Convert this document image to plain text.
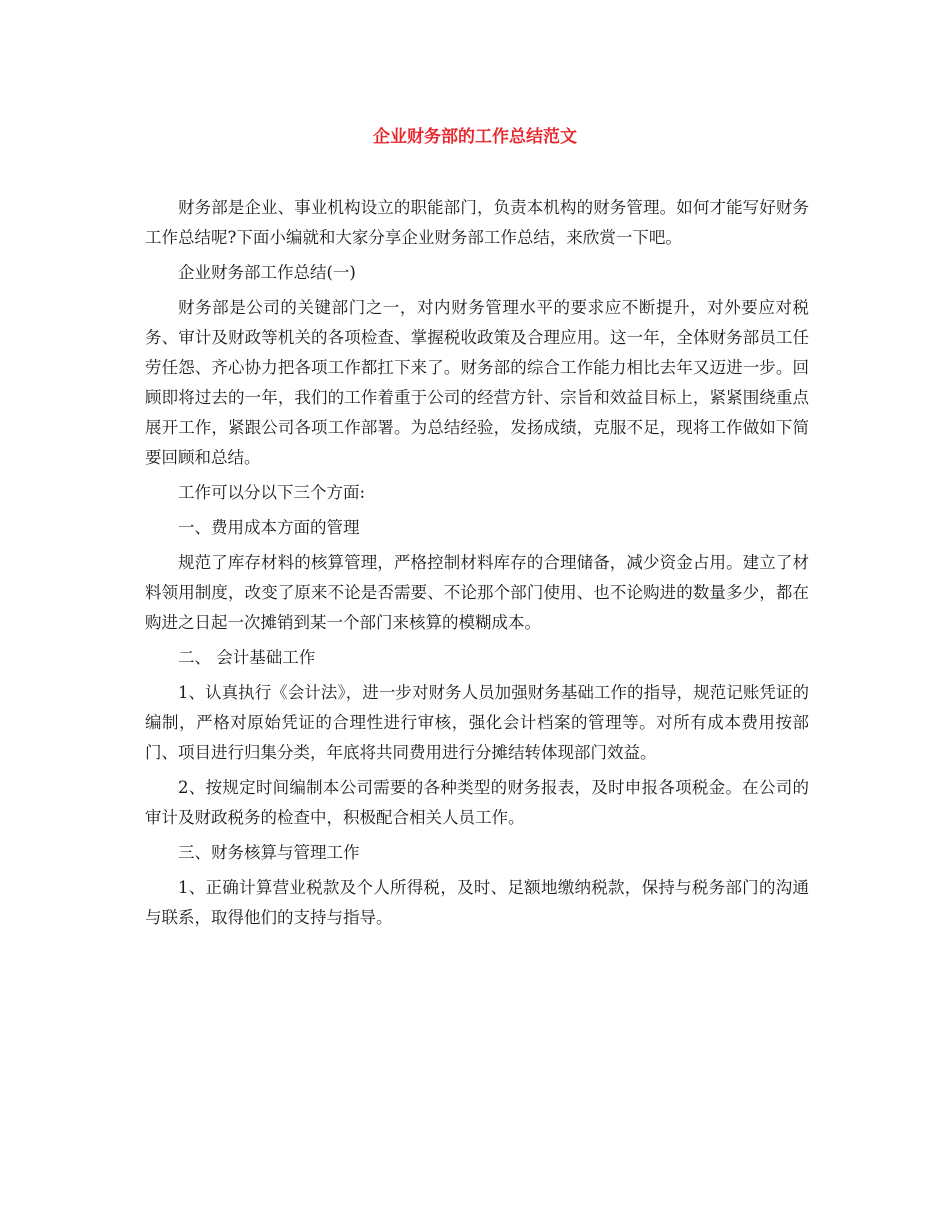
企业财务部的工作总结范文

财务部是企业、事业机构设立的职能部门，负责本机构的财务管理。如何才能写好财务工作总结呢?下面小编就和大家分享企业财务部工作总结，来欣赏一下吧。

企业财务部工作总结(一)

财务部是公司的关键部门之一，对内财务管理水平的要求应不断提升，对外要应对税务、审计及财政等机关的各项检查、掌握税收政策及合理应用。这一年，全体财务部员工任劳任怨、齐心协力把各项工作都扛下来了。财务部的综合工作能力相比去年又迈进一步。回顾即将过去的一年，我们的工作着重于公司的经营方针、宗旨和效益目标上，紧紧围绕重点展开工作，紧跟公司各项工作部署。为总结经验，发扬成绩，克服不足，现将工作做如下简要回顾和总结。

工作可以分以下三个方面:

一、费用成本方面的管理

规范了库存材料的核算管理，严格控制材料库存的合理储备，减少资金占用。建立了材料领用制度，改变了原来不论是否需要、不论那个部门使用、也不论购进的数量多少，都在购进之日起一次摊销到某一个部门来核算的模糊成本。

二、 会计基础工作

1、认真执行《会计法》，进一步对财务人员加强财务基础工作的指导，规范记账凭证的编制，严格对原始凭证的合理性进行审核，强化会计档案的管理等。对所有成本费用按部门、项目进行归集分类，年底将共同费用进行分摊结转体现部门效益。

2、按规定时间编制本公司需要的各种类型的财务报表，及时申报各项税金。在公司的审计及财政税务的检查中，积极配合相关人员工作。

三、财务核算与管理工作

1、正确计算营业税款及个人所得税，及时、足额地缴纳税款，保持与税务部门的沟通与联系，取得他们的支持与指导。
